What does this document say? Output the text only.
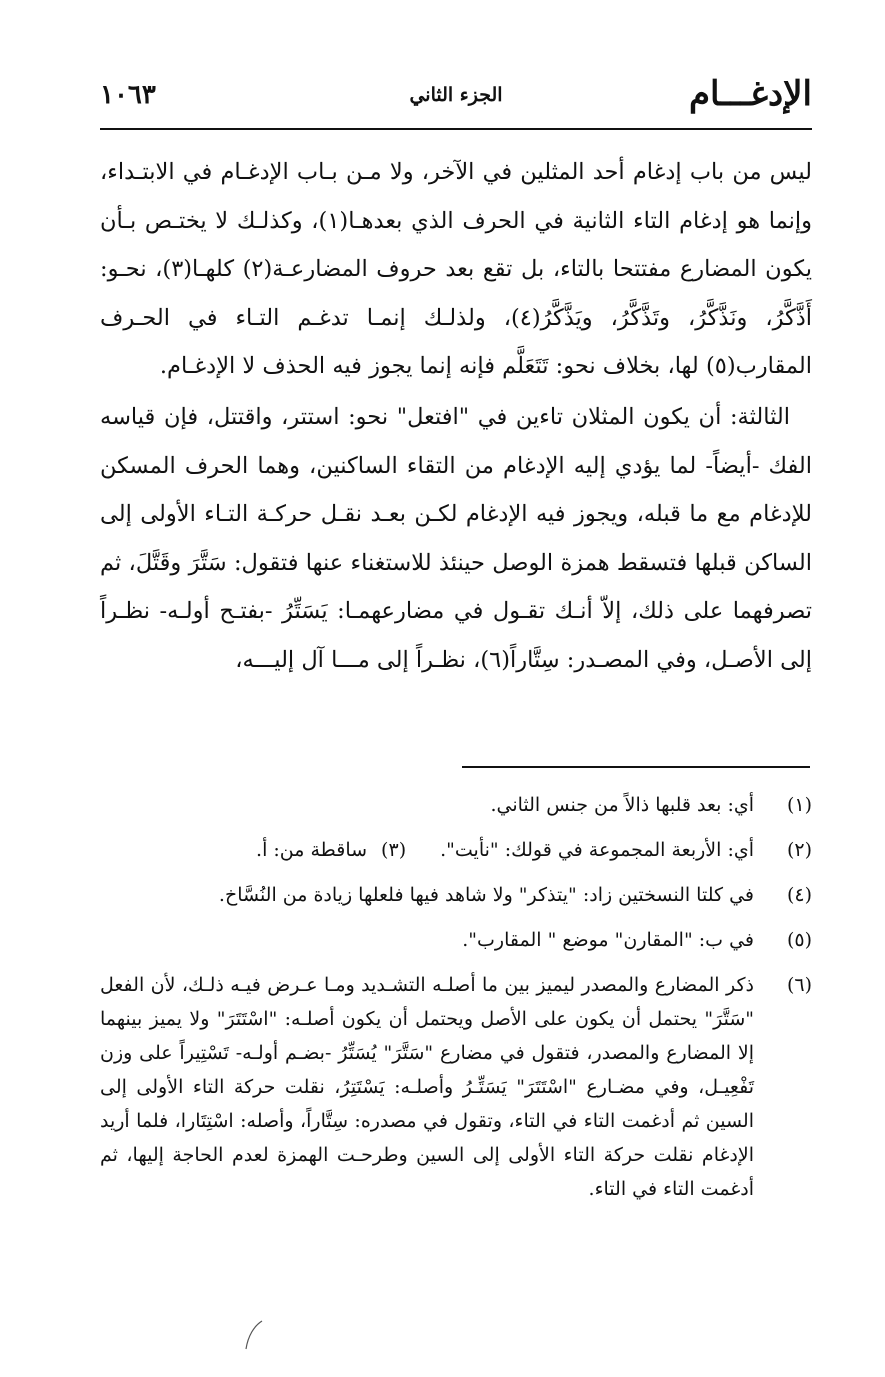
الإدغـــام
الجزء الثاني
١٠٦٣

ليس من باب إدغام أحد المثلين في الآخر، ولا مـن بـاب الإدغـام في الابتـداء، وإنما هو إدغام التاء الثانية في الحرف الذي بعدهـا(١)، وكذلـك لا يختـص بـأن يكون المضارع مفتتحا بالتاء، بل تقع بعد حروف المضارعـة(٢) كلهـا(٣)، نحـو: أَذَّكَّرُ، ونَذَّكَّرُ، وتَذَّكَّرُ، ويَذَّكَّرُ(٤)، ولذلـك إنمـا تدغـم التـاء في الحـرف المقارب(٥) لها، بخلاف نحو: تَتَعَلَّم فإنه إنما يجوز فيه الحذف لا الإدغـام.

الثالثة: أن يكون المثلان تاءين في "افتعل" نحو: استتر، واقتتل، فإن قياسه الفك -أيضاً- لما يؤدي إليه الإدغام من التقاء الساكنين، وهما الحرف المسكن للإدغام مع ما قبله، ويجوز فيه الإدغام لكـن بعـد نقـل حركـة التـاء الأولى إلى الساكن قبلها فتسقط همزة الوصل حينئذ للاستغناء عنها فتقول: سَتَّرَ وقَتَّلَ، ثم تصرفهما على ذلك، إلاّ أنـك تقـول في مضارعهمـا: يَسَتِّرُ -بفتـح أولـه- نظـراً إلى الأصـل، وفي المصـدر: سِتَّاراً(٦)، نظـراً إلى مـــا آل إليـــه،

(١)
أي: بعد قلبها ذالاً من جنس الثاني.
(٢)
أي: الأربعة المجموعة في قولك: "نأيت".(٣)ساقطة من: أ.
(٤)
في كلتا النسختين زاد: "يتذكر" ولا شاهد فيها فلعلها زيادة من النُسَّاخ.
(٥)
في ب: "المقارن" موضع " المقارب".
(٦)
ذكر المضارع والمصدر ليميز بين ما أصلـه التشـديد ومـا عـرض فيـه ذلـك، لأن الفعل "سَتَّرَ" يحتمل أن يكون على الأصل ويحتمل أن يكون أصلـه: "اسْتَتَرَ" ولا يميز بينهما إلا المضارع والمصدر، فتقول في مضارع "سَتَّرَ" يُسَتِّرُ -بضـم أولـه- تَسْتِيراً على وزن تَفْعِيـل، وفي مضـارع "اسْتَتَرَ" يَسَتِّـرُ وأصلـه: يَسْتَتِرُ، نقلت حركة التاء الأولى إلى السين ثم أدغمت التاء في التاء، وتقول في مصدره: سِتَّاراً، وأصله: اسْتِتَارا، فلما أريد الإدغام نقلت حركة التاء الأولى إلى السين وطرحـت الهمزة لعدم الحاجة إليها، ثم أدغمت التاء في التاء.
